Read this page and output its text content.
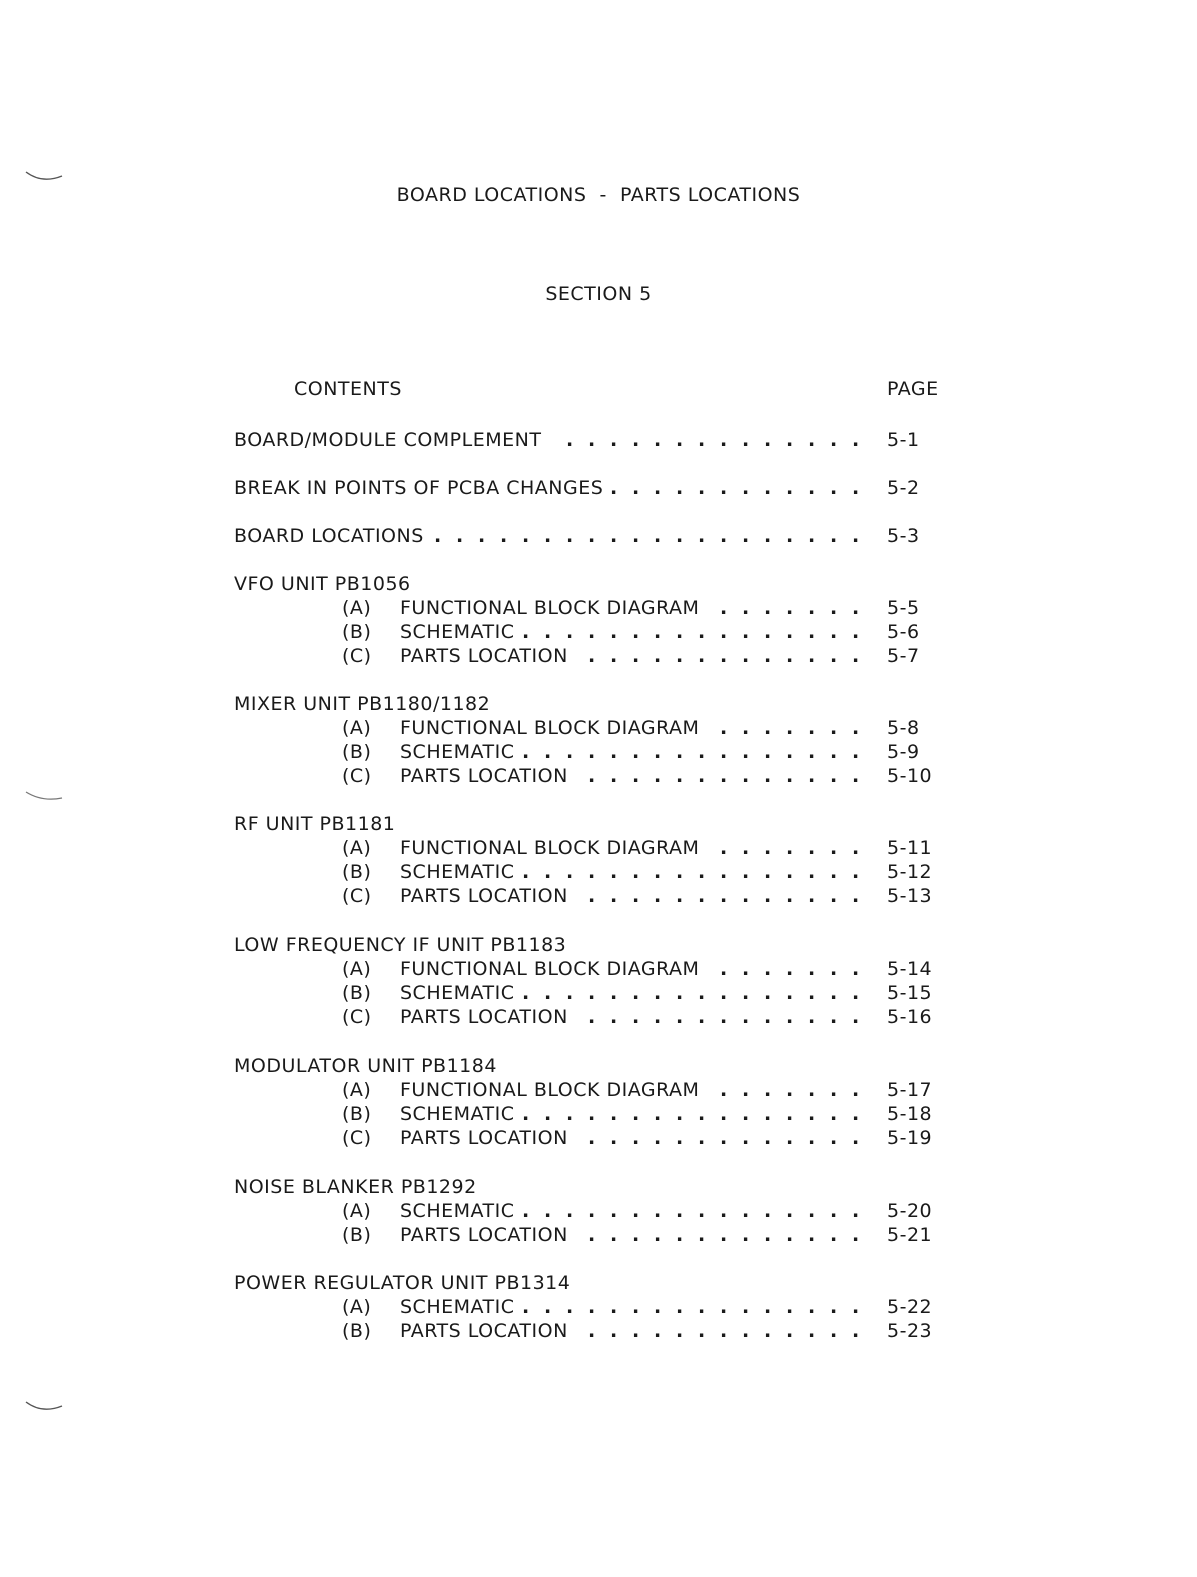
BOARD LOCATIONS  -  PARTS LOCATIONS
SECTION 5
CONTENTS	PAGE
BOARD/MODULE COMPLEMENT	5-1
. . . . . . . . . . . . . .
BREAK IN POINTS OF PCBA CHANGES	5-2
. . . . . . . . . . . .
BOARD LOCATIONS	5-3
. . . . . . . . . . . . . . . . . . . .
VFO UNIT PB1056
(A) FUNCTIONAL BLOCK DIAGRAM	5-5
. . . . . . .
(B) SCHEMATIC	5-6
. . . . . . . . . . . . . . . .
(C) PARTS LOCATION	5-7
. . . . . . . . . . . . .
MIXER UNIT PB1180/1182
(A) FUNCTIONAL BLOCK DIAGRAM	5-8
. . . . . . .
(B) SCHEMATIC	5-9
. . . . . . . . . . . . . . . .
(C) PARTS LOCATION	5-10
. . . . . . . . . . . . .
RF UNIT PB1181
(A) FUNCTIONAL BLOCK DIAGRAM	5-11
. . . . . . .
(B) SCHEMATIC	5-12
. . . . . . . . . . . . . . . .
(C) PARTS LOCATION	5-13
. . . . . . . . . . . . .
LOW FREQUENCY IF UNIT PB1183
(A) FUNCTIONAL BLOCK DIAGRAM	5-14
. . . . . . .
(B) SCHEMATIC	5-15
. . . . . . . . . . . . . . . .
(C) PARTS LOCATION	5-16
. . . . . . . . . . . . .
MODULATOR UNIT PB1184
(A) FUNCTIONAL BLOCK DIAGRAM	5-17
. . . . . . .
(B) SCHEMATIC	5-18
. . . . . . . . . . . . . . . .
(C) PARTS LOCATION	5-19
. . . . . . . . . . . . .
NOISE BLANKER PB1292
(A) SCHEMATIC	5-20
. . . . . . . . . . . . . . . .
(B) PARTS LOCATION	5-21
. . . . . . . . . . . . .
POWER REGULATOR UNIT PB1314
(A) SCHEMATIC	5-22
. . . . . . . . . . . . . . . .
(B) PARTS LOCATION	5-23
. . . . . . . . . . . . .
